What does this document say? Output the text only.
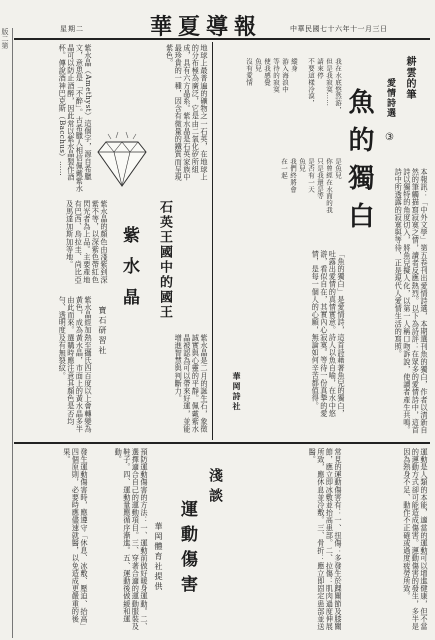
華夏導報	中華民國七十六年十一月三日
星期二
版二第
耕雲的筆
愛情詩選
③
魚的獨白
我在水底悠然游，
但是我寂寞……
請來停
不要這樣冷漠，
縱身
游入海浪中
等待的寂寞
使我感覺
魚兒
沒有愛情
是魚兒
你曾經在水面的我
只是我還是等
是否有一天
魚兒
我們終將會
在一起
「魚的獨白」是愛情詩，這首詩藉著魚兒的獨白，吐露出愛情的真情實意。詩人以魚自喻，在水中悠游，看似自在，其實內心寂寞。等待一份真摯的愛情，是每一個人的心願，無論如何辛苦都值得。
華岡詩社	本報訊：「中外文學」第五卷刊出愛情詩選，本期選刊魚的獨白，作者以清新自然的筆觸描寫寂寞之情，讀者反應熱烈。以下為詩評：在眾多的愛情詩中，這首詩以獨特的角度切入，將魚兒擬人化，以第一人稱口吻訴說，使讀者產生共鳴。詩中所透露的寂寞與等待，正是現代人愛情生活的寫照。
地球上最普遍的礦物之一石英，在地球上的分布極為廣泛，它是由二氧化矽所組成，具有六方晶系。紫水晶是石英家族中最珍貴的一種，因含有微量的鐵質而呈現紫色。
石英王國中的國王
紫水晶
寶石研習社
紫水晶（Amethyst）這個字，源自希臘文，意思是「不醉」。古希臘人相信佩戴紫水晶可以防止酒醉，因此常以紫水晶製作酒杯。傳說酒神巴克斯（Bacchus）……
紫水晶的顏色由淺紫到深紫不等，以深紫色帶紅色閃光者為上品。主要產地有巴西、烏拉圭、尚比亞及馬達加斯加等地。
紫水晶經加熱至攝氏四百度以上會轉變為黃色，成為黃水晶，市面上的黃水晶多半由此而來。選購時應注意其顏色是否均勻、透明度及有無裂紋。	紫水晶是二月的誕生石，象徵誠實與心靈的平靜。佩戴紫水晶被認為可以帶來好運，並能增進智慧與判斷力。
運動是人類的本能，適當的運動可以增進健康，但不當的運動方式卻可能造成傷害。運動傷害的發生，多半是因為熱身不足、動作不正確或過度疲勞所致。
常見的運動傷害有：一、扭傷：多發生於踝關節及膝關節，應立即冰敷並抬高患部。二、拉傷：肌肉過度伸展所致，應休息並冷敷。三、骨折：應立即固定患部並送醫。
淺談
運動傷害
華岡體育社提供
預防運動傷害的方法：一、運動前做好暖身運動。二、選擇適合自己的運動項目。三、穿著合適的運動服裝及鞋子。四、運動量應循序漸進。五、運動後做緩和運動。
發生運動傷害時，應遵守「休息、冰敷、壓迫、抬高」四個原則，必要時應儘速就醫，以免造成更嚴重的後果。
